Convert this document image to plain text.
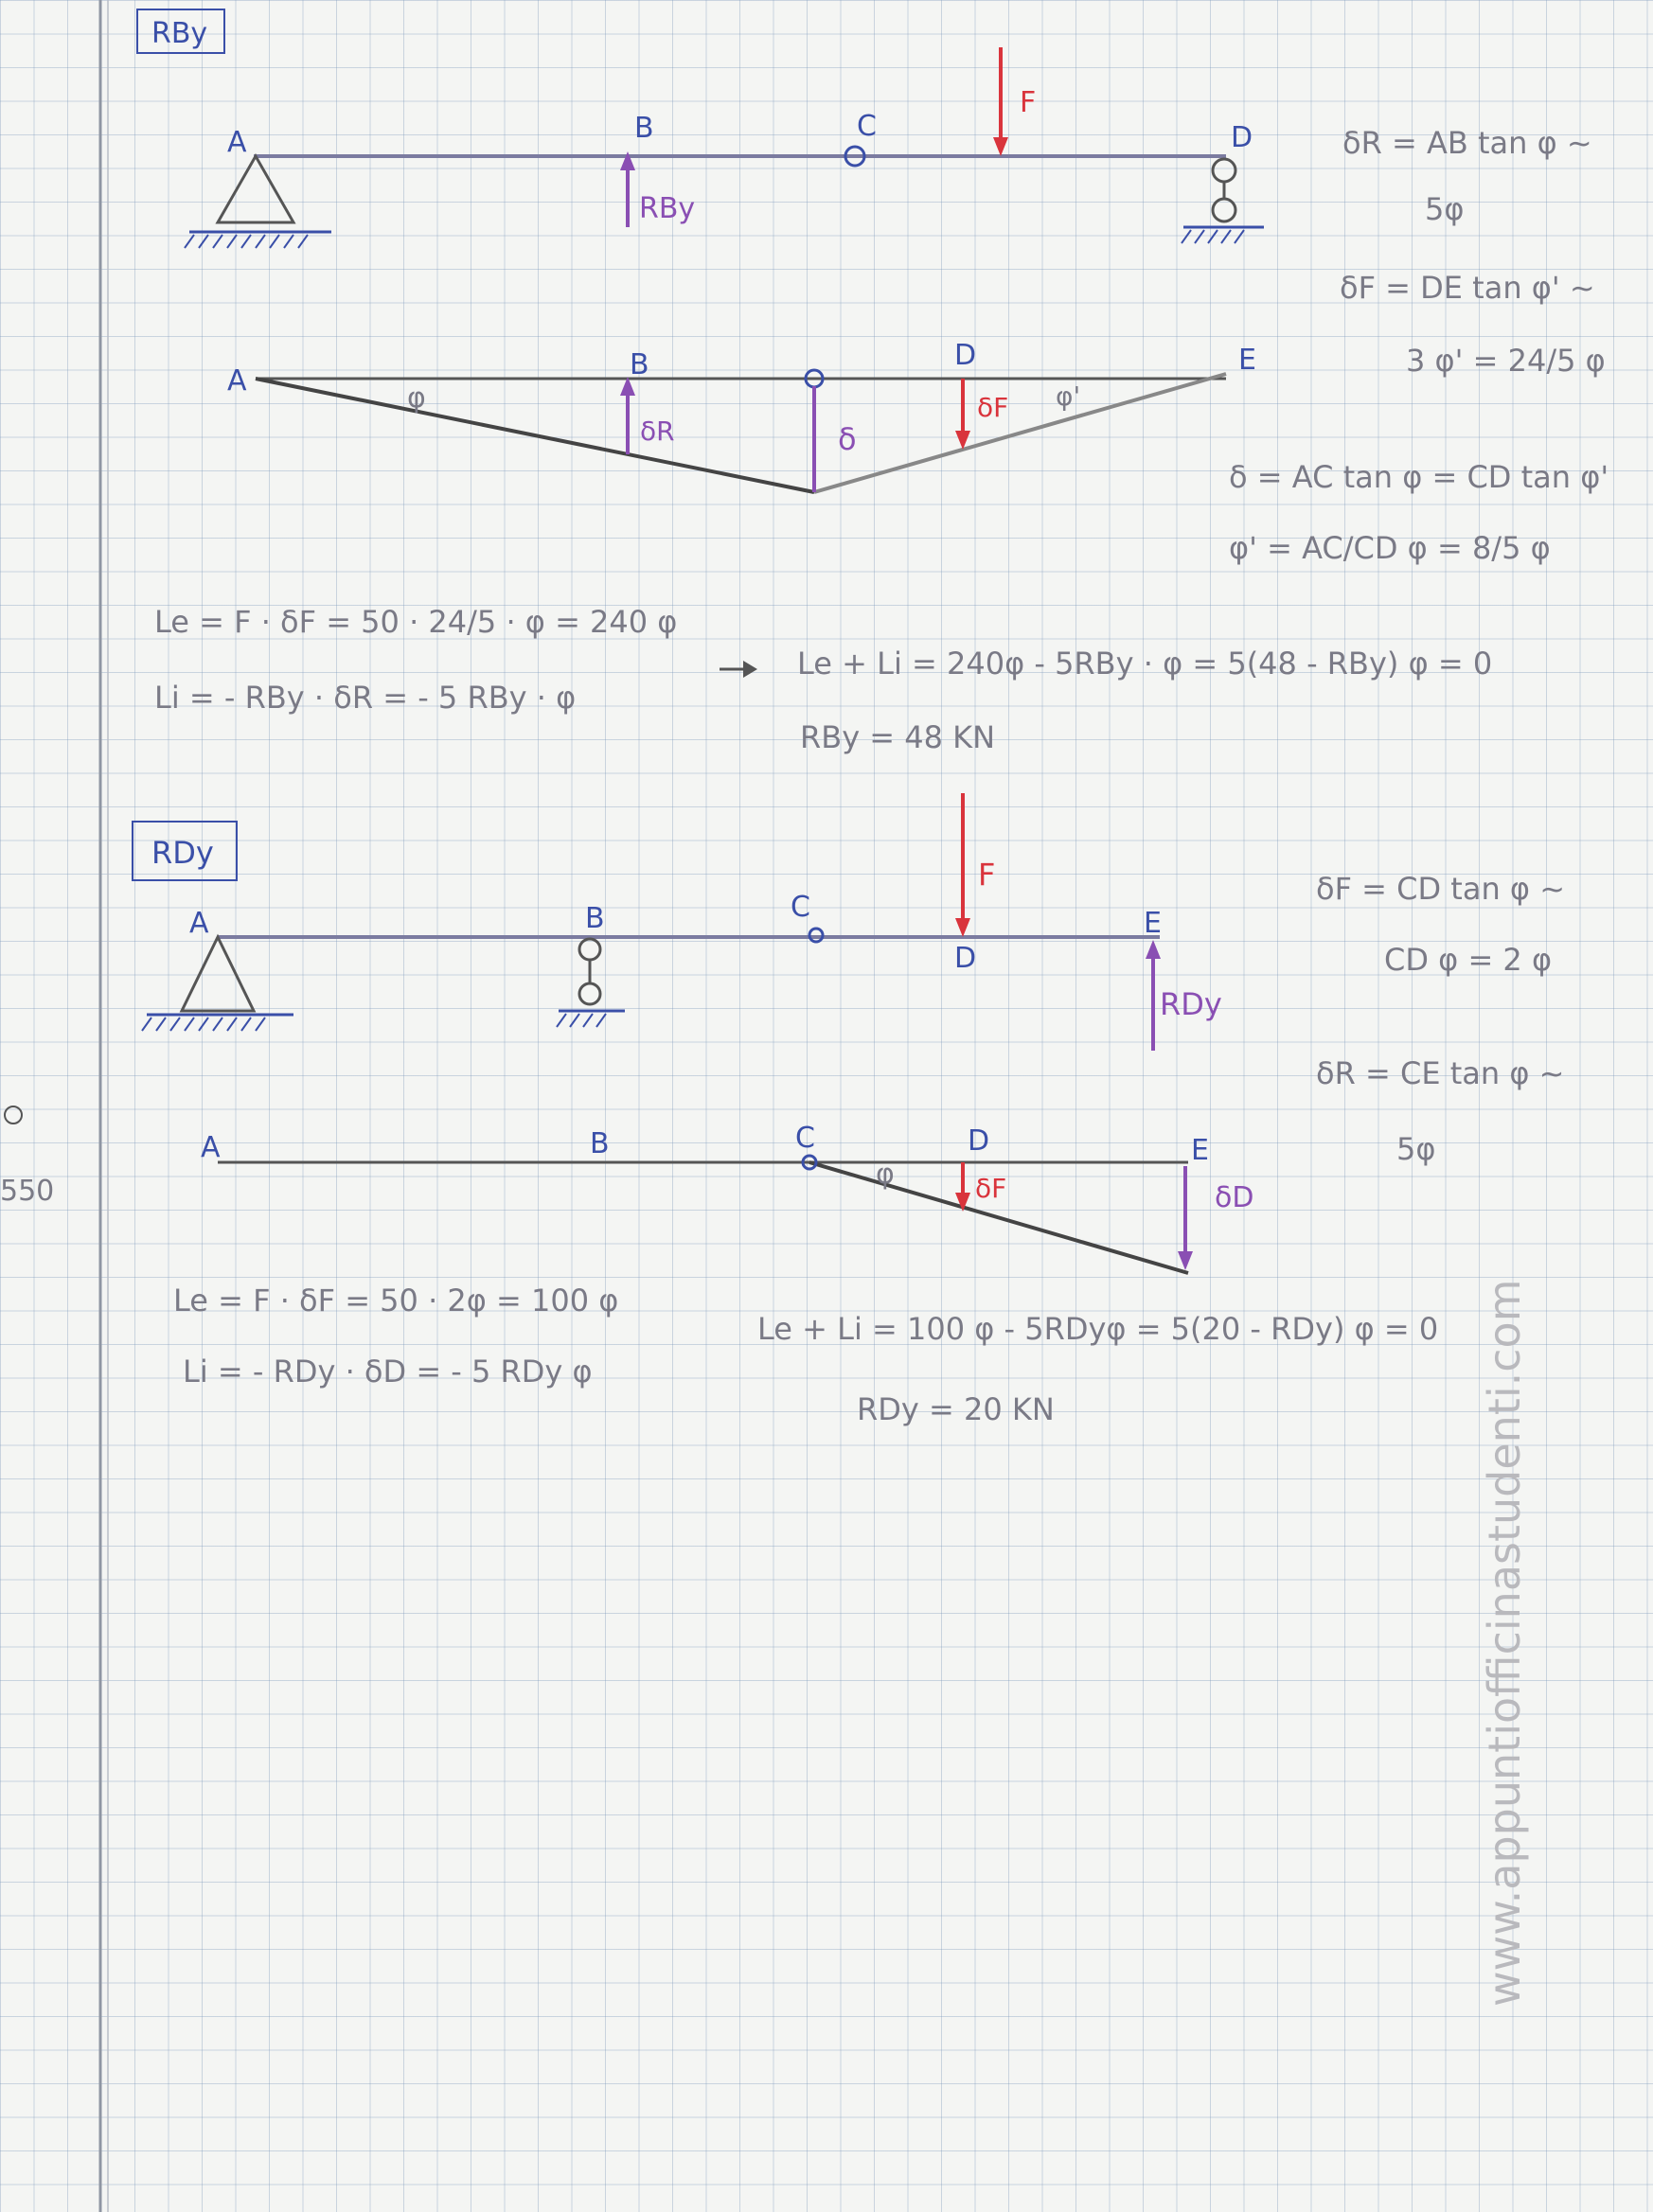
550
RBy
RBy
F
A	B	C	D
δR	δ
δF
φ	φ'
A	B	D	E
δR = AB tan φ ~
5φ
δF = DE tan φ' ~
3 φ' = 24/5 φ
δ = AC tan φ = CD tan φ'
φ' = AC/CD φ = 8/5 φ
Le = F · δF = 50 · 24/5 · φ = 240 φ
Li = - RBy · δR = - 5 RBy · φ
Le + Li = 240φ - 5RBy · φ = 5(48 - RBy) φ = 0
RBy = 48 KN
RDy
F
RDy
A	B	C
D
E
δF	δD
φ
A	B	C	D	E
δF = CD tan φ ~
CD φ = 2 φ
δR = CE tan φ ~
5φ
Le = F · δF = 50 · 2φ = 100 φ
Li = - RDy · δD = - 5 RDy φ
Le + Li = 100 φ - 5RDyφ = 5(20 - RDy) φ = 0
RDy = 20 KN	www.appuntiofficinastudenti.com
